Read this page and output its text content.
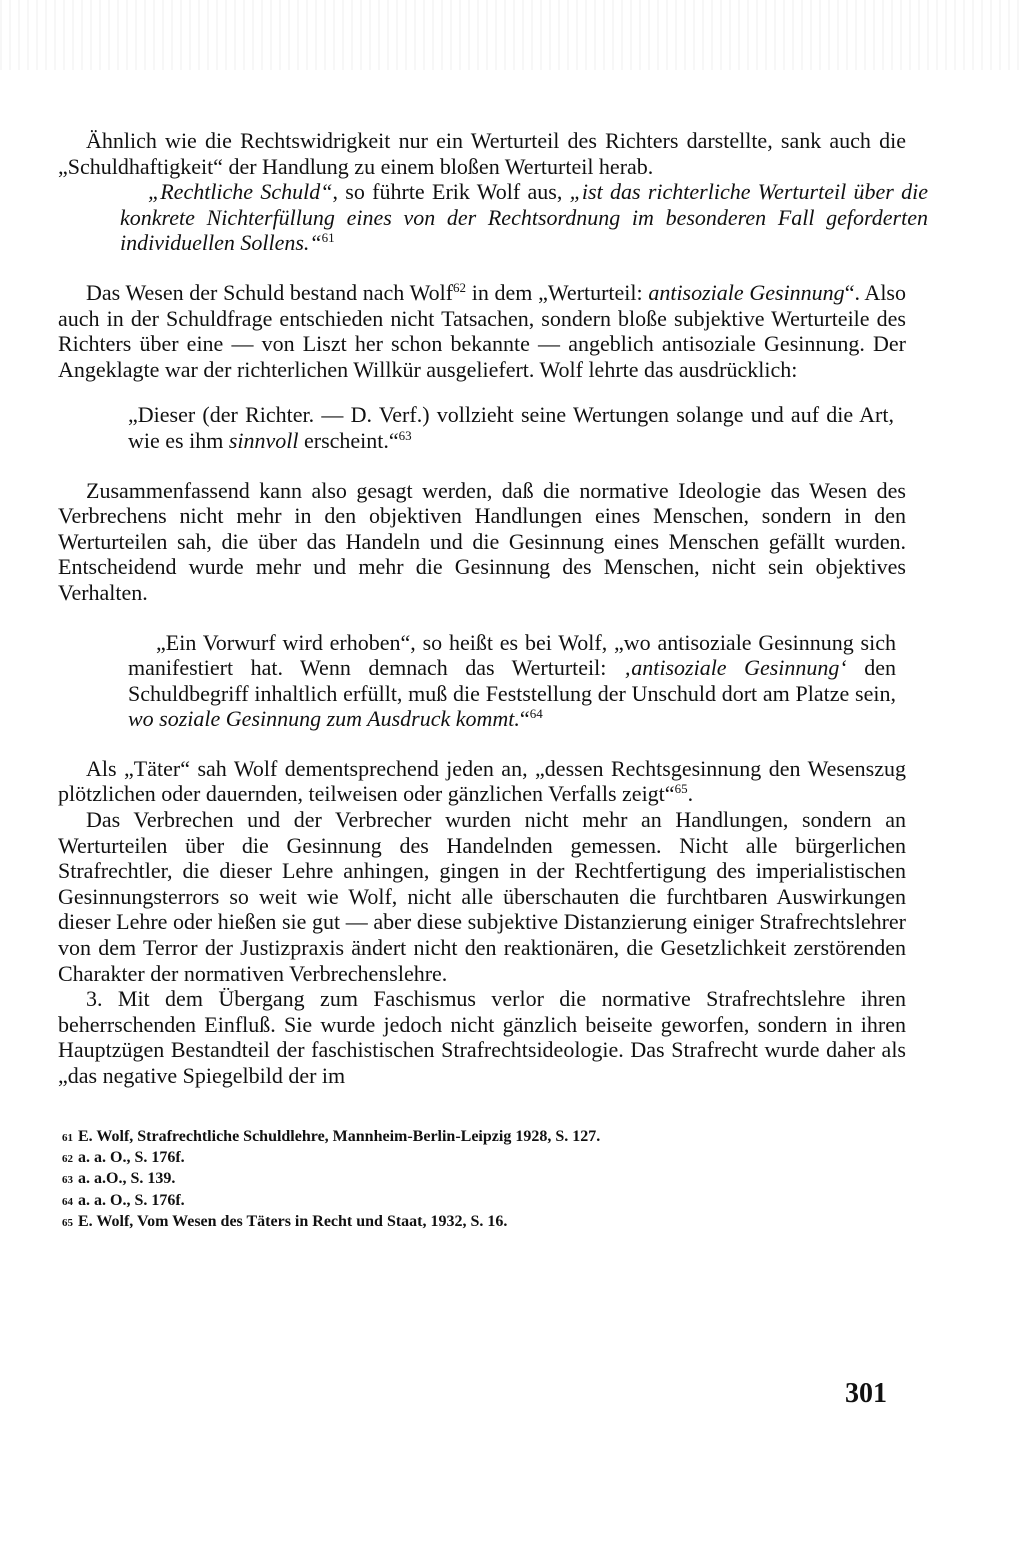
Ähnlich wie die Rechtswidrigkeit nur ein Werturteil des Richters darstellte, sank auch die „Schuldhaftigkeit“ der Handlung zu einem bloßen Werturteil herab.

„Rechtliche Schuld“, so führte Erik Wolf aus, „ist das richterliche Werturteil über die konkrete Nichterfüllung eines von der Rechtsordnung im besonderen Fall geforderten individuellen Sollens.“$^{61}$

Das Wesen der Schuld bestand nach Wolf$^{62}$ in dem „Werturteil: antisoziale Gesinnung“. Also auch in der Schuldfrage entschieden nicht Tatsachen, sondern bloße subjektive Werturteile des Richters über eine — von Liszt her schon bekannte — angeblich antisoziale Gesinnung. Der Angeklagte war der richterlichen Willkür ausgeliefert. Wolf lehrte das ausdrücklich:

„Dieser (der Richter. — D. Verf.) vollzieht seine Wertungen solange und auf die Art, wie es ihm sinnvoll erscheint.“$^{63}$

Zusammenfassend kann also gesagt werden, daß die normative Ideologie das Wesen des Verbrechens nicht mehr in den objektiven Handlungen eines Menschen, sondern in den Werturteilen sah, die über das Handeln und die Gesinnung eines Menschen gefällt wurden. Entscheidend wurde mehr und mehr die Gesinnung des Menschen, nicht sein objektives Verhalten.

„Ein Vorwurf wird erhoben“, so heißt es bei Wolf, „wo antisoziale Gesinnung sich manifestiert hat. Wenn demnach das Werturteil: ‚antisoziale Gesinnung‘ den Schuldbegriff inhaltlich erfüllt, muß die Feststellung der Unschuld dort am Platze sein, wo soziale Gesinnung zum Ausdruck kommt.“$^{64}$

Als „Täter“ sah Wolf dementsprechend jeden an, „dessen Rechtsgesinnung den Wesenszug plötzlichen oder dauernden, teilweisen oder gänzlichen Verfalls zeigt“$^{65}$.

Das Verbrechen und der Verbrecher wurden nicht mehr an Handlungen, sondern an Werturteilen über die Gesinnung des Handelnden gemessen. Nicht alle bürgerlichen Strafrechtler, die dieser Lehre anhingen, gingen in der Rechtfertigung des imperialistischen Gesinnungsterrors so weit wie Wolf, nicht alle überschauten die furchtbaren Auswirkungen dieser Lehre oder hießen sie gut — aber diese subjektive Distanzierung einiger Strafrechtslehrer von dem Terror der Justizpraxis ändert nicht den reaktionären, die Gesetzlichkeit zerstörenden Charakter der normativen Verbrechenslehre.

3. Mit dem Übergang zum Faschismus verlor die normative Strafrechtslehre ihren beherrschenden Einfluß. Sie wurde jedoch nicht gänzlich beiseite geworfen, sondern in ihren Hauptzügen Bestandteil der faschistischen Strafrechtsideologie. Das Strafrecht wurde daher als „das negative Spiegelbild der im

61 E. Wolf, Strafrechtliche Schuldlehre, Mannheim-Berlin-Leipzig 1928, S. 127.
62 a. a. O., S. 176f.
63 a. a.O., S. 139.
64 a. a. O., S. 176f.
65 E. Wolf, Vom Wesen des Täters in Recht und Staat, 1932, S. 16.
301
